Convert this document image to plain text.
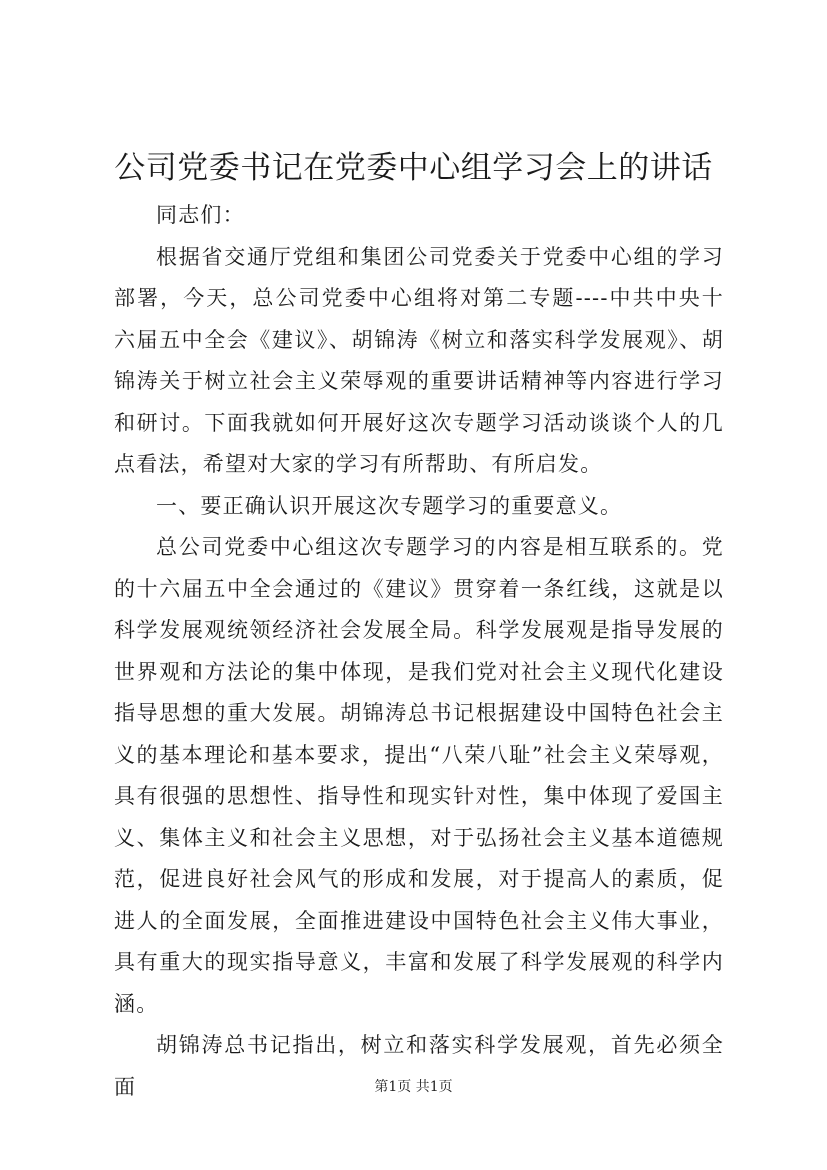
公司党委书记在党委中心组学习会上的讲话

同志们：

根据省交通厅党组和集团公司党委关于党委中心组的学习部署，今天，总公司党委中心组将对第二专题----中共中央十六届五中全会《建议》、胡锦涛《树立和落实科学发展观》、胡锦涛关于树立社会主义荣辱观的重要讲话精神等内容进行学习和研讨。下面我就如何开展好这次专题学习活动谈谈个人的几点看法，希望对大家的学习有所帮助、有所启发。

一、要正确认识开展这次专题学习的重要意义。

总公司党委中心组这次专题学习的内容是相互联系的。党的十六届五中全会通过的《建议》贯穿着一条红线，这就是以科学发展观统领经济社会发展全局。科学发展观是指导发展的世界观和方法论的集中体现，是我们党对社会主义现代化建设指导思想的重大发展。胡锦涛总书记根据建设中国特色社会主义的基本理论和基本要求，提出“八荣八耻”社会主义荣辱观，具有很强的思想性、指导性和现实针对性，集中体现了爱国主义、集体主义和社会主义思想，对于弘扬社会主义基本道德规范，促进良好社会风气的形成和发展，对于提高人的素质，促进人的全面发展，全面推进建设中国特色社会主义伟大事业，具有重大的现实指导意义，丰富和发展了科学发展观的科学内涵。

胡锦涛总书记指出，树立和落实科学发展观，首先必须全面	第1页 共1页
